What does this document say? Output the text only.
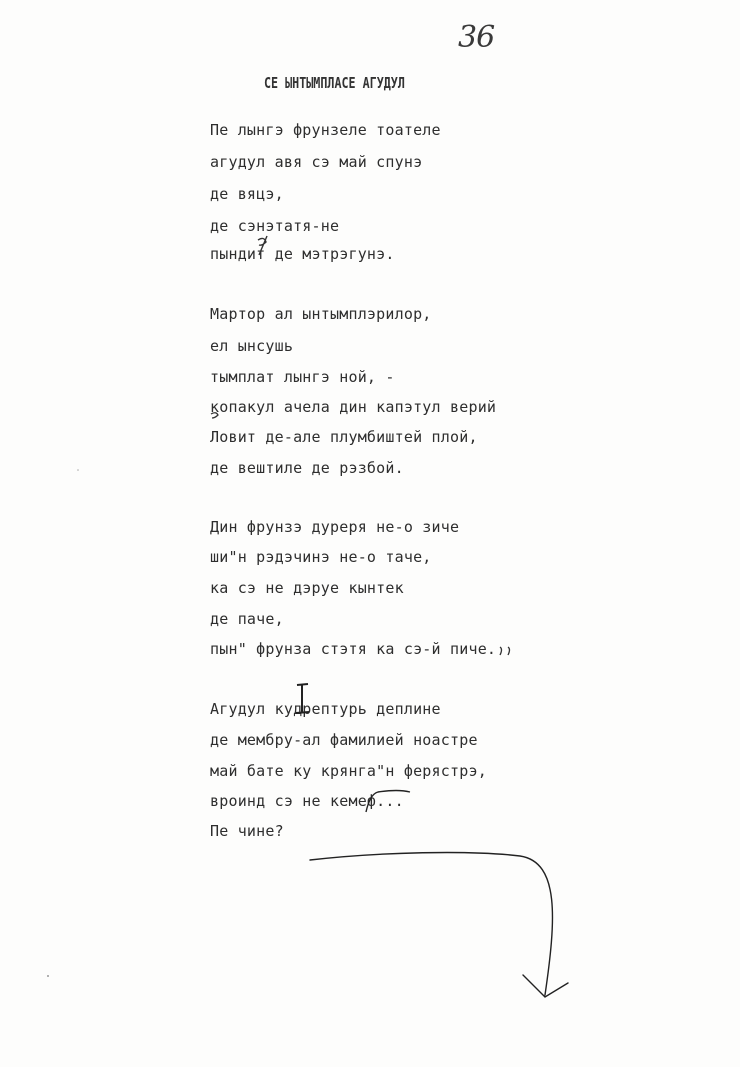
36
СЕ ЫНТЫМПЛАСЕ АГУДУЛ
Пе лынгэ фрунзеле тоателе
агудул авя сэ май спунэ
де вяцэ,
де сэнэтатя-не
пындит де мэтрэгунэ.
Мартор ал ынтымплэрилор,
ел ынсушь
тымплат лынгэ ной, -
копакул ачела дин капэтул верий
Ловит де-але плумбиштей плой,
де вештиле де рэзбой.
Дин фрунзэ дуреря не-о зиче
ши"н рэдэчинэ не-о таче,
ка сэ не дэруе кынтек
де паче,
пын" фрунза стэтя ка сэ-й пиче.
Агудул кудрептурь деплине
де мембру-ал фамилией ноастре
май бате ку крянга"н ферястрэ,
вроинд сэ не кемеф...
Пе чине?
